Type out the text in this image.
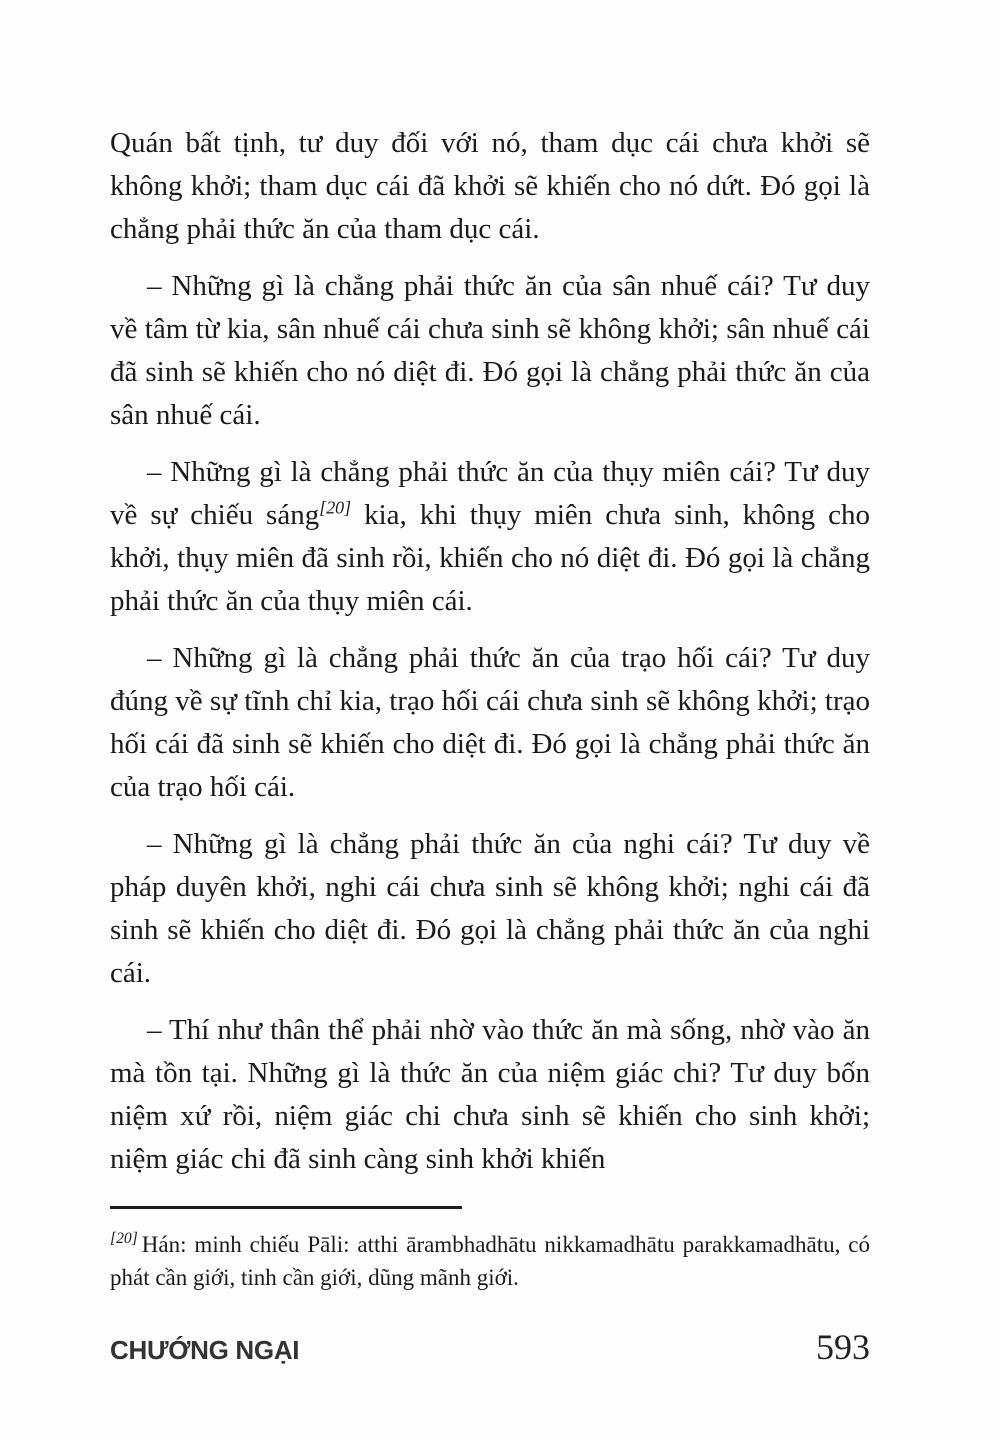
Quán bất tịnh, tư duy đối với nó, tham dục cái chưa khởi sẽ không khởi; tham dục cái đã khởi sẽ khiến cho nó dứt. Đó gọi là chẳng phải thức ăn của tham dục cái.

– Những gì là chẳng phải thức ăn của sân nhuế cái? Tư duy về tâm từ kia, sân nhuế cái chưa sinh sẽ không khởi; sân nhuế cái đã sinh sẽ khiến cho nó diệt đi. Đó gọi là chẳng phải thức ăn của sân nhuế cái.

– Những gì là chẳng phải thức ăn của thụy miên cái? Tư duy về sự chiếu sáng[20] kia, khi thụy miên chưa sinh, không cho khởi, thụy miên đã sinh rồi, khiến cho nó diệt đi. Đó gọi là chẳng phải thức ăn của thụy miên cái.

– Những gì là chẳng phải thức ăn của trạo hối cái? Tư duy đúng về sự tĩnh chỉ kia, trạo hối cái chưa sinh sẽ không khởi; trạo hối cái đã sinh sẽ khiến cho diệt đi. Đó gọi là chẳng phải thức ăn của trạo hối cái.

– Những gì là chẳng phải thức ăn của nghi cái? Tư duy về pháp duyên khởi, nghi cái chưa sinh sẽ không khởi; nghi cái đã sinh sẽ khiến cho diệt đi. Đó gọi là chẳng phải thức ăn của nghi cái.

– Thí như thân thể phải nhờ vào thức ăn mà sống, nhờ vào ăn mà tồn tại. Những gì là thức ăn của niệm giác chi? Tư duy bốn niệm xứ rồi, niệm giác chi chưa sinh sẽ khiến cho sinh khởi; niệm giác chi đã sinh càng sinh khởi khiến

[20] Hán: minh chiếu Pāli: atthi ārambhadhātu nikkamadhātu parakkamadhātu, có phát cần giới, tinh cần giới, dũng mãnh giới.

CHƯỚNG NGẠI	593
